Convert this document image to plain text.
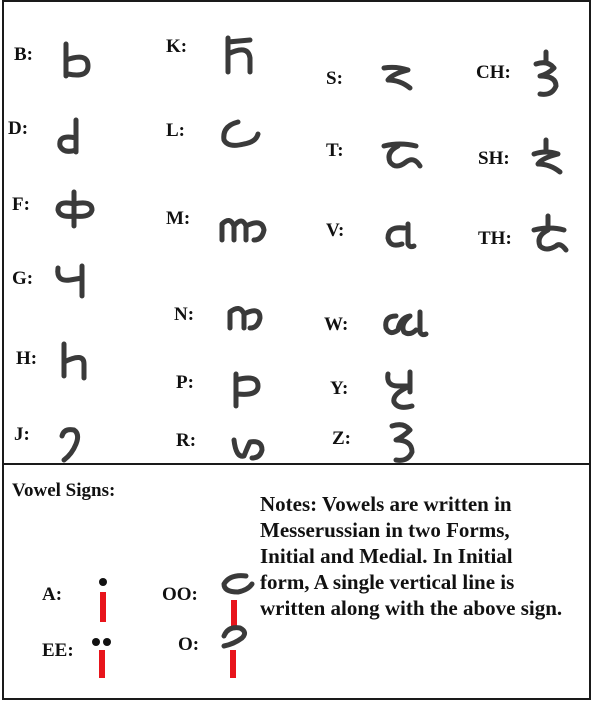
B:
D:
F:
G:
H:
J:
K:
L:
M:
N:
P:
R:
S:
T:
V:
W:
Y:
Z:
CH:
SH:
TH:
Vowel Signs:
A:
EE:
OO:
O:
Notes: Vowels are written in Messerussian in two Forms, Initial and Medial. In Initial form, A single vertical line is written along with the above sign.
